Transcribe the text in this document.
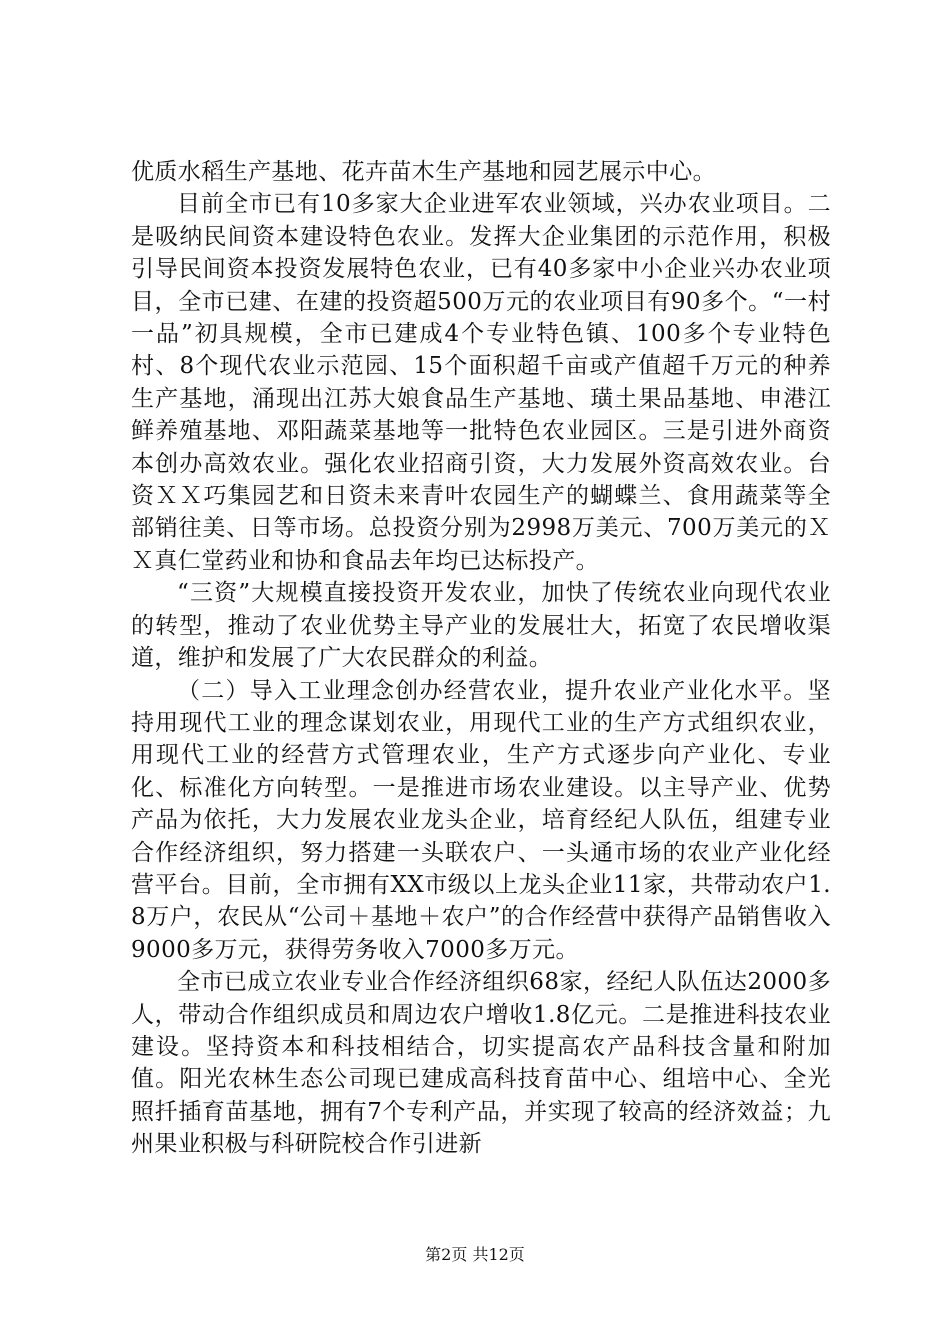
优质水稻生产基地、花卉苗木生产基地和园艺展示中心。

目前全市已有10多家大企业进军农业领域，兴办农业项目。二是吸纳民间资本建设特色农业。发挥大企业集团的示范作用，积极引导民间资本投资发展特色农业，已有40多家中小企业兴办农业项目，全市已建、在建的投资超500万元的农业项目有90多个。“一村一品”初具规模，全市已建成4个专业特色镇、100多个专业特色村、8个现代农业示范园、15个面积超千亩或产值超千万元的种养生产基地，涌现出江苏大娘食品生产基地、璜土果品基地、申港江鲜养殖基地、邓阳蔬菜基地等一批特色农业园区。三是引进外商资本创办高效农业。强化农业招商引资，大力发展外资高效农业。台资ＸＸ巧集园艺和日资未来青叶农园生产的蝴蝶兰、食用蔬菜等全部销往美、日等市场。总投资分别为2998万美元、700万美元的ＸＸ真仁堂药业和协和食品去年均已达标投产。

“三资”大规模直接投资开发农业，加快了传统农业向现代农业的转型，推动了农业优势主导产业的发展壮大，拓宽了农民增收渠道，维护和发展了广大农民群众的利益。

（二）导入工业理念创办经营农业，提升农业产业化水平。坚持用现代工业的理念谋划农业，用现代工业的生产方式组织农业，用现代工业的经营方式管理农业，生产方式逐步向产业化、专业化、标准化方向转型。一是推进市场农业建设。以主导产业、优势产品为依托，大力发展农业龙头企业，培育经纪人队伍，组建专业合作经济组织，努力搭建一头联农户、一头通市场的农业产业化经营平台。目前，全市拥有XX市级以上龙头企业11家，共带动农户1.8万户，农民从“公司＋基地＋农户”的合作经营中获得产品销售收入9000多万元，获得劳务收入7000多万元。

全市已成立农业专业合作经济组织68家，经纪人队伍达2000多人，带动合作组织成员和周边农户增收1.8亿元。二是推进科技农业建设。坚持资本和科技相结合，切实提高农产品科技含量和附加值。阳光农林生态公司现已建成高科技育苗中心、组培中心、全光照扦插育苗基地，拥有7个专利产品，并实现了较高的经济效益；九州果业积极与科研院校合作引进新

第2页 共12页
